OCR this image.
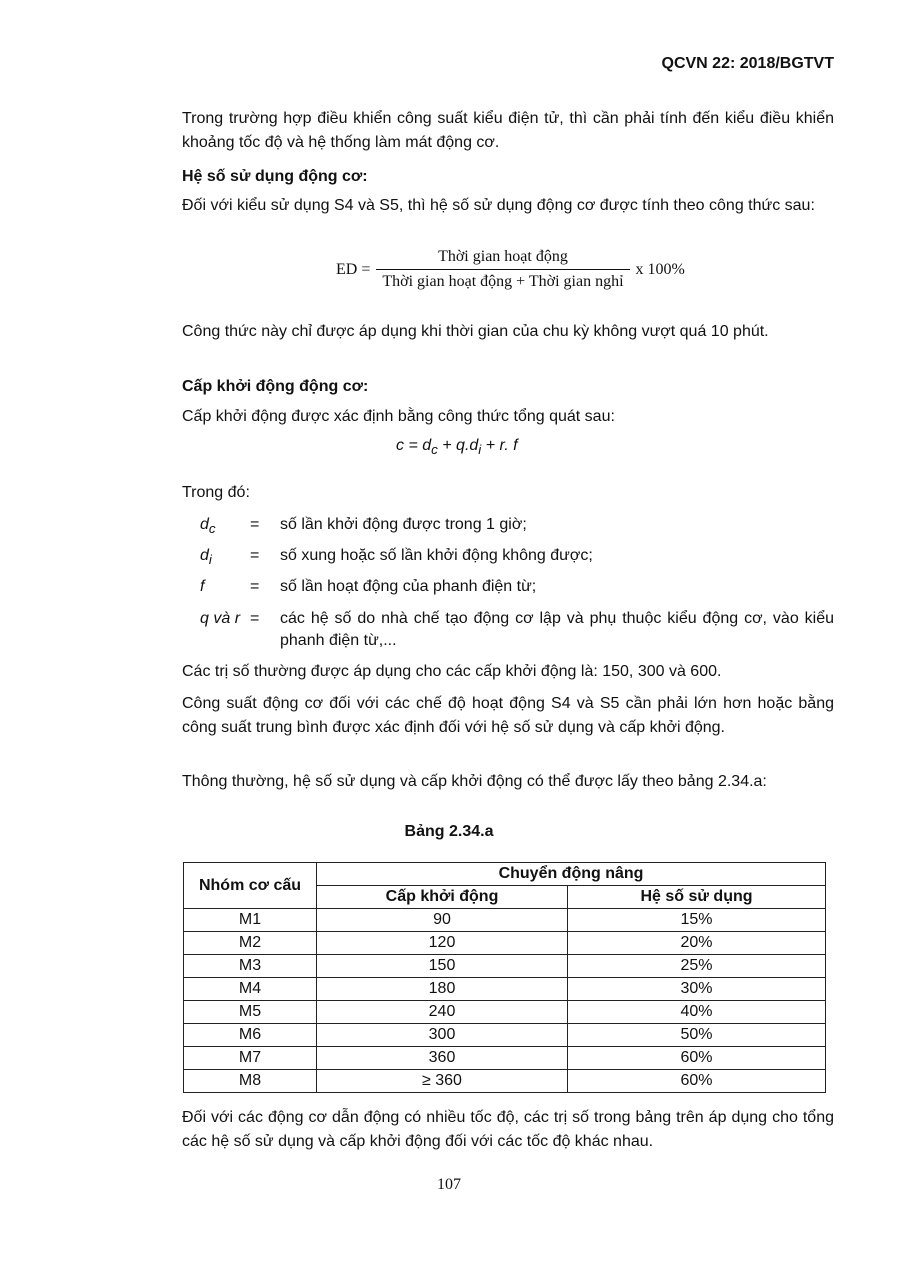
QCVN 22: 2018/BGTVT

Trong trường hợp điều khiển công suất kiểu điện tử, thì cần phải tính đến kiểu điều khiển khoảng tốc độ và hệ thống làm mát động cơ.

Hệ số sử dụng động cơ:

Đối với kiểu sử dụng S4 và S5, thì hệ số sử dụng động cơ được tính theo công thức sau:

ED = $\frac{\text{Thời gian hoạt động}}{\text{Thời gian hoạt động + Thời gian nghỉ}}$ x 100%

Công thức này chỉ được áp dụng khi thời gian của chu kỳ không vượt quá 10 phút.

Cấp khởi động động cơ:

Cấp khởi động được xác định bằng công thức tổng quát sau:

$c = d_c + q.d_i + r$. f

Trong đó:

$d_c$	=	số lần khởi động được trong 1 giờ;
$d_i$	=	số xung hoặc số lần khởi động không được;
f	=	số lần hoạt động của phanh điện từ;
q và r =	các hệ số do nhà chế tạo động cơ lập và phụ thuộc kiểu động cơ, vào kiểu phanh điện từ,...

Các trị số thường được áp dụng cho các cấp khởi động là: 150, 300 và 600.

Công suất động cơ đối với các chế độ hoạt động S4 và S5 cần phải lớn hơn hoặc bằng công suất trung bình được xác định đối với hệ số sử dụng và cấp khởi động.

Thông thường, hệ số sử dụng và cấp khởi động có thể được lấy theo bảng 2.34.a:

Bảng 2.34.a
Nhóm cơ cấu	Chuyển động nâng	
	Cấp khởi động	Hệ số sử dụng
M1	90	15%
M2	120	20%
M3	150	25%
M4	180	30%
M5	240	40%
M6	300	50%
M7	360	60%
M8	≥ 360	60%

Đối với các động cơ dẫn động có nhiều tốc độ, các trị số trong bảng trên áp dụng cho tổng các hệ số sử dụng và cấp khởi động đối với các tốc độ khác nhau.

107
